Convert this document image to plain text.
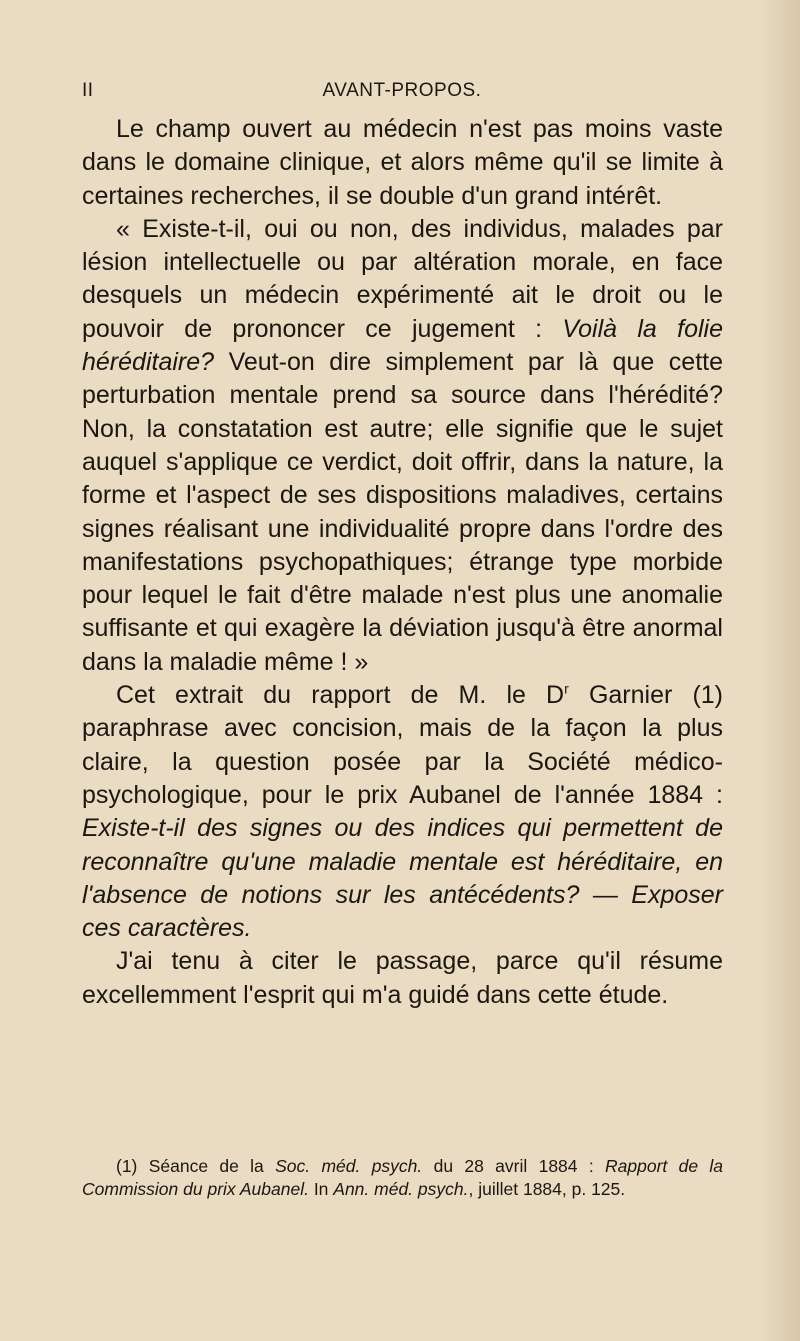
II	AVANT-PROPOS.

Le champ ouvert au médecin n'est pas moins vaste dans le domaine clinique, et alors même qu'il se limite à certaines recherches, il se double d'un grand intérêt.

« Existe-t-il, oui ou non, des individus, malades par lésion intellectuelle ou par altération morale, en face desquels un médecin expérimenté ait le droit ou le pouvoir de prononcer ce jugement : Voilà la folie héréditaire? Veut-on dire simplement par là que cette perturbation mentale prend sa source dans l'hérédité? Non, la constatation est autre; elle signifie que le sujet auquel s'applique ce verdict, doit offrir, dans la nature, la forme et l'aspect de ses dispositions maladives, certains signes réalisant une individualité propre dans l'ordre des manifestations psychopathiques; étrange type morbide pour lequel le fait d'être malade n'est plus une anomalie suffisante et qui exagère la déviation jusqu'à être anormal dans la maladie même ! »

Cet extrait du rapport de M. le $D^r$ Garnier (1) paraphrase avec concision, mais de la façon la plus claire, la question posée par la Société médico-psychologique, pour le prix Aubanel de l'année 1884 : Existe-t-il des signes ou des indices qui permettent de reconnaître qu'une maladie mentale est héréditaire, en l'absence de notions sur les antécédents? — Exposer ces caractères.

J'ai tenu à citer le passage, parce qu'il résume excellemment l'esprit qui m'a guidé dans cette étude.

(1) Séance de la Soc. méd. psych. du 28 avril 1884 : Rapport de la Commission du prix Aubanel. In Ann. méd. psych., juillet 1884, p. 125.
